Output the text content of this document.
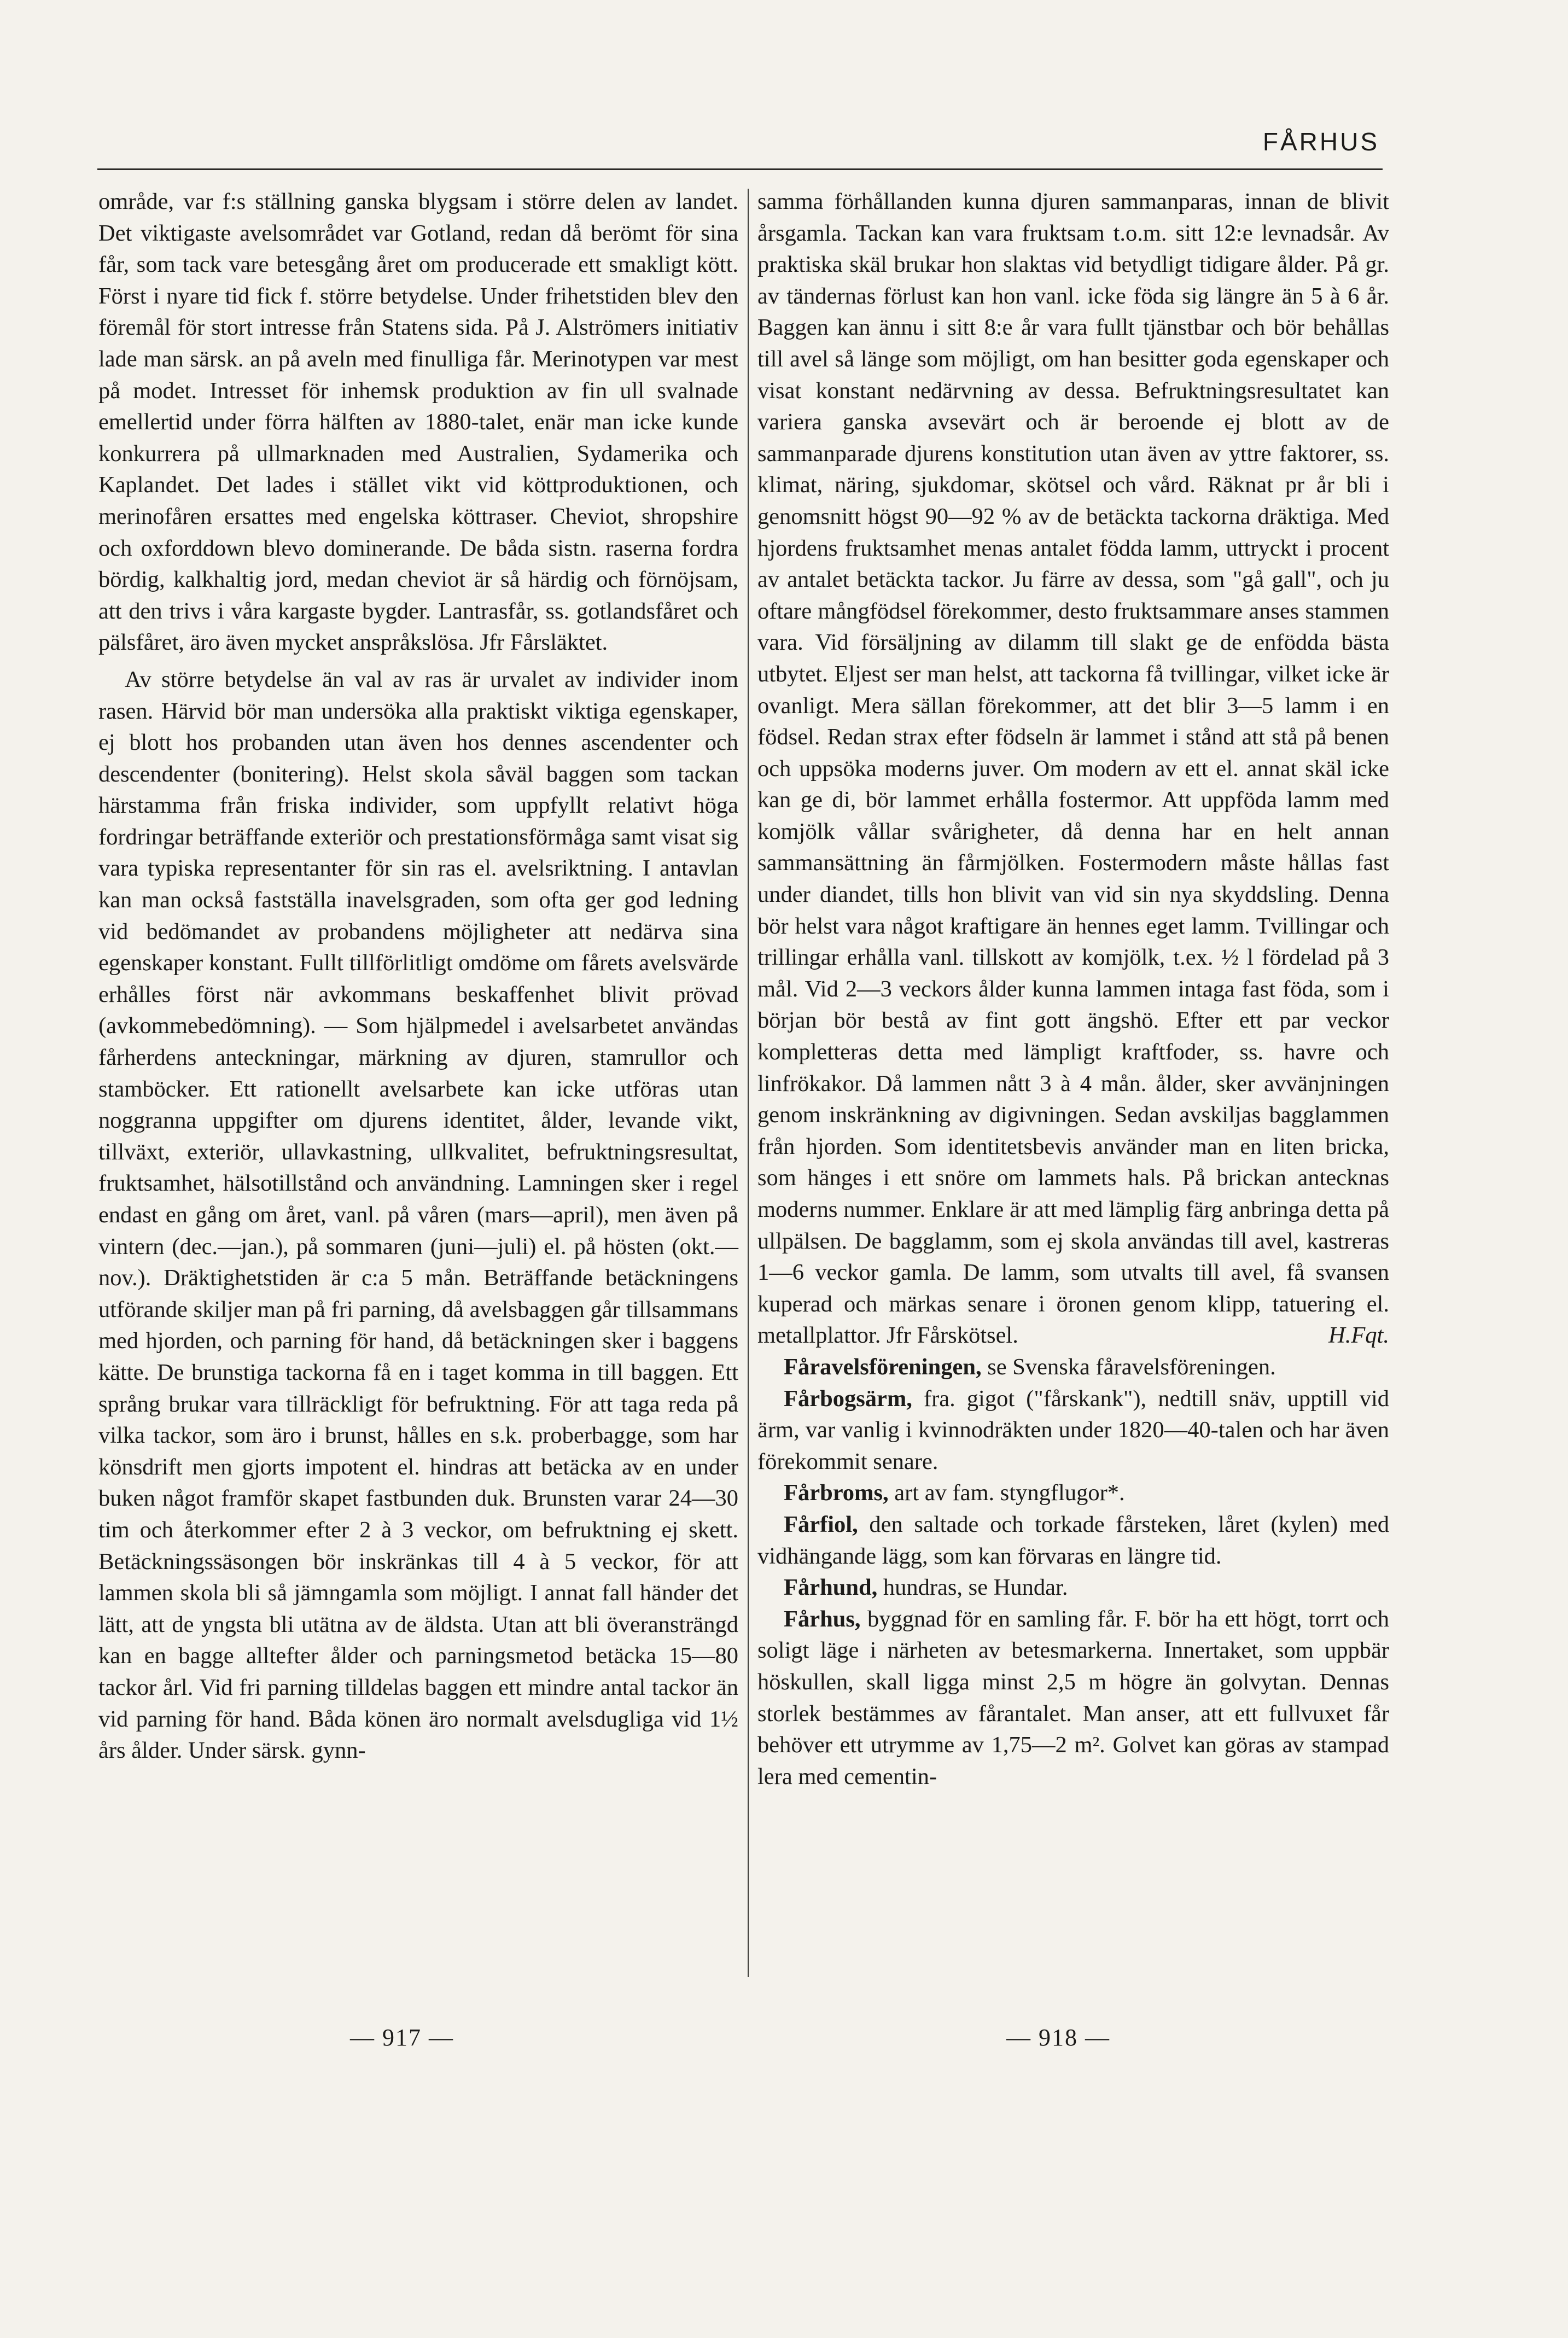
FÅRHUS

område, var f:s ställning ganska blygsam i större delen av landet. Det viktigaste avelsområdet var Gotland, redan då berömt för sina får, som tack vare betesgång året om producerade ett smakligt kött. Först i nyare tid fick f. större betydelse. Under frihetstiden blev den föremål för stort intresse från Statens sida. På J. Alströmers initiativ lade man särsk. an på aveln med finulliga får. Merinotypen var mest på modet. Intresset för inhemsk produktion av fin ull svalnade emellertid under förra hälften av 1880-talet, enär man icke kunde konkurrera på ullmarknaden med Australien, Sydamerika och Kaplandet. Det lades i stället vikt vid köttproduktionen, och merinofåren ersattes med engelska köttraser. Cheviot, shropshire och oxforddown blevo dominerande. De båda sistn. raserna fordra bördig, kalkhaltig jord, medan cheviot är så härdig och förnöjsam, att den trivs i våra kargaste bygder. Lantrasfår, ss. gotlandsfåret och pälsfåret, äro även mycket anspråkslösa. Jfr Fårsläktet.

Av större betydelse än val av ras är urvalet av individer inom rasen. Härvid bör man undersöka alla praktiskt viktiga egenskaper, ej blott hos probanden utan även hos dennes ascendenter och descendenter (bonitering). Helst skola såväl baggen som tackan härstamma från friska individer, som uppfyllt relativt höga fordringar beträffande exteriör och prestationsförmåga samt visat sig vara typiska representanter för sin ras el. avelsriktning. I antavlan kan man också fastställa inavelsgraden, som ofta ger god ledning vid bedömandet av probandens möjligheter att nedärva sina egenskaper konstant. Fullt tillförlitligt omdöme om fårets avelsvärde erhålles först när avkommans beskaffenhet blivit prövad (avkommebedömning). — Som hjälpmedel i avelsarbetet användas fårherdens anteckningar, märkning av djuren, stamrullor och stamböcker. Ett rationellt avelsarbete kan icke utföras utan noggranna uppgifter om djurens identitet, ålder, levande vikt, tillväxt, exteriör, ullavkastning, ullkvalitet, befruktningsresultat, fruktsamhet, hälsotillstånd och användning. Lamningen sker i regel endast en gång om året, vanl. på våren (mars—april), men även på vintern (dec.—jan.), på sommaren (juni—juli) el. på hösten (okt.—nov.). Dräktighetstiden är c:a 5 mån. Beträffande betäckningens utförande skiljer man på fri parning, då avelsbaggen går tillsammans med hjorden, och parning för hand, då betäckningen sker i baggens kätte. De brunstiga tackorna få en i taget komma in till baggen. Ett språng brukar vara tillräckligt för befruktning. För att taga reda på vilka tackor, som äro i brunst, hålles en s.k. proberbagge, som har könsdrift men gjorts impotent el. hindras att betäcka av en under buken något framför skapet fastbunden duk. Brunsten varar 24—30 tim och återkommer efter 2 à 3 veckor, om befruktning ej skett. Betäckningssäsongen bör inskränkas till 4 à 5 veckor, för att lammen skola bli så jämngamla som möjligt. I annat fall händer det lätt, att de yngsta bli utätna av de äldsta. Utan att bli överansträngd kan en bagge alltefter ålder och parningsmetod betäcka 15—80 tackor årl. Vid fri parning tilldelas baggen ett mindre antal tackor än vid parning för hand. Båda könen äro normalt avelsdugliga vid 1½ års ålder. Under särsk. gynn-

samma förhållanden kunna djuren sammanparas, innan de blivit årsgamla. Tackan kan vara fruktsam t.o.m. sitt 12:e levnadsår. Av praktiska skäl brukar hon slaktas vid betydligt tidigare ålder. På gr. av tändernas förlust kan hon vanl. icke föda sig längre än 5 à 6 år. Baggen kan ännu i sitt 8:e år vara fullt tjänstbar och bör behållas till avel så länge som möjligt, om han besitter goda egenskaper och visat konstant nedärvning av dessa. Befruktningsresultatet kan variera ganska avsevärt och är beroende ej blott av de sammanparade djurens konstitution utan även av yttre faktorer, ss. klimat, näring, sjukdomar, skötsel och vård. Räknat pr år bli i genomsnitt högst 90—92 % av de betäckta tackorna dräktiga. Med hjordens fruktsamhet menas antalet födda lamm, uttryckt i procent av antalet betäckta tackor. Ju färre av dessa, som "gå gall", och ju oftare mångfödsel förekommer, desto fruktsammare anses stammen vara. Vid försäljning av dilamm till slakt ge de enfödda bästa utbytet. Eljest ser man helst, att tackorna få tvillingar, vilket icke är ovanligt. Mera sällan förekommer, att det blir 3—5 lamm i en födsel. Redan strax efter födseln är lammet i stånd att stå på benen och uppsöka moderns juver. Om modern av ett el. annat skäl icke kan ge di, bör lammet erhålla fostermor. Att uppföda lamm med komjölk vållar svårigheter, då denna har en helt annan sammansättning än fårmjölken. Fostermodern måste hållas fast under diandet, tills hon blivit van vid sin nya skyddsling. Denna bör helst vara något kraftigare än hennes eget lamm. Tvillingar och trillingar erhålla vanl. tillskott av komjölk, t.ex. ½ l fördelad på 3 mål. Vid 2—3 veckors ålder kunna lammen intaga fast föda, som i början bör bestå av fint gott ängshö. Efter ett par veckor kompletteras detta med lämpligt kraftfoder, ss. havre och linfrökakor. Då lammen nått 3 à 4 mån. ålder, sker avvänjningen genom inskränkning av digivningen. Sedan avskiljas bagglammen från hjorden. Som identitetsbevis använder man en liten bricka, som hänges i ett snöre om lammets hals. På brickan antecknas moderns nummer. Enklare är att med lämplig färg anbringa detta på ullpälsen. De bagglamm, som ej skola användas till avel, kastreras 1—6 veckor gamla. De lamm, som utvalts till avel, få svansen kuperad och märkas senare i öronen genom klipp, tatuering el. metallplattor. Jfr Fårskötsel.	H.Fqt.

Fåravelsföreningen, se Svenska fåravelsföreningen.

Fårbogsärm, fra. gigot ("fårskank"), nedtill snäv, upptill vid ärm, var vanlig i kvinnodräkten under 1820—40-talen och har även förekommit senare.

Fårbroms, art av fam. styngflugor*.

Fårfiol, den saltade och torkade fårsteken, låret (kylen) med vidhängande lägg, som kan förvaras en längre tid.

Fårhund, hundras, se Hundar.

Fårhus, byggnad för en samling får. F. bör ha ett högt, torrt och soligt läge i närheten av betesmarkerna. Innertaket, som uppbär höskullen, skall ligga minst 2,5 m högre än golvytan. Dennas storlek bestämmes av fårantalet. Man anser, att ett fullvuxet får behöver ett utrymme av 1,75—2 m². Golvet kan göras av stampad lera med cementin-

— 917 —	— 918 —
